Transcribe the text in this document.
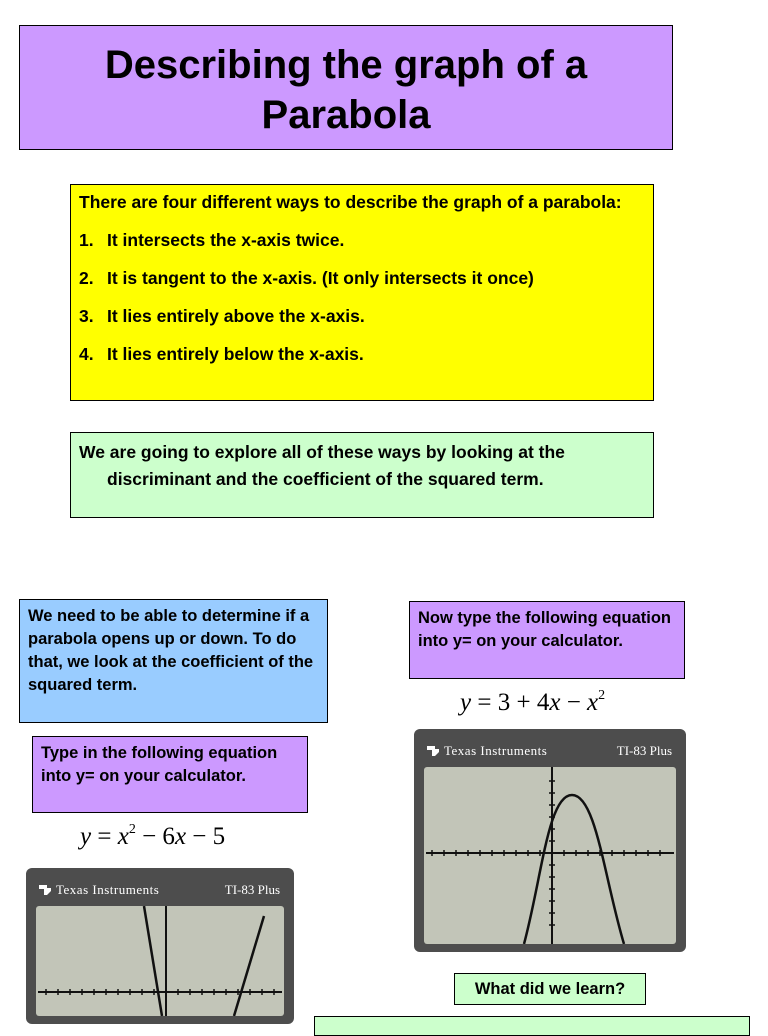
Describing the graph of a
Parabola

There are four different ways to describe the graph of a parabola:

1. It intersects the x-axis twice.
2. It is tangent to the x-axis. (It only intersects it once)
3. It lies entirely above the x-axis.
4. It lies entirely below the x-axis.

We are going to explore all of these ways by looking at the discriminant and the coefficient of the squared term.

We need to be able to determine if a parabola opens up or down. To do that, we look at the coefficient of the squared term.
Type in the following equation into y= on your calculator.
Now type the following equation into y= on your calculator.
$y = x^2 - 6x - 5$
$y = 3 + 4x - x^2$
Texas Instruments	TI-83 Plus
Texas Instruments	TI-83 Plus
What did we learn?
